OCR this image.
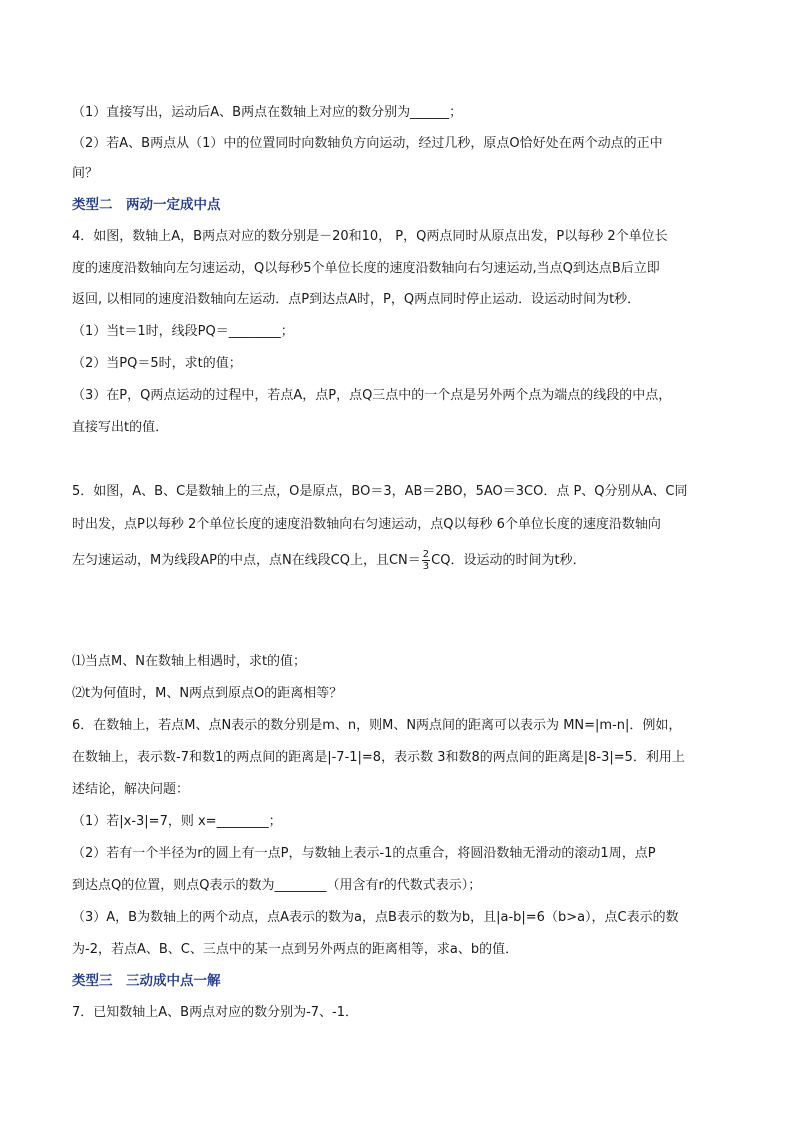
（1）直接写出，运动后A、B两点在数轴上对应的数分别为______；
（2）若A、B两点从（1）中的位置同时向数轴负方向运动，经过几秒，原点O恰好处在两个动点的正中
间？
类型二　两动一定成中点
4．如图，数轴上A，B两点对应的数分别是－20和10， P，Q两点同时从原点出发，P以每秒 2个单位长
度的速度沿数轴向左匀速运动，Q以每秒5个单位长度的速度沿数轴向右匀速运动,当点Q到达点B后立即
返回, 以相同的速度沿数轴向左运动．点P到达点A时，P，Q两点同时停止运动．设运动时间为t秒．
（1）当t＝1时，线段PQ＝________；
（2）当PQ＝5时，求t的值；
（3）在P，Q两点运动的过程中，若点A，点P，点Q三点中的一个点是另外两个点为端点的线段的中点，
直接写出t的值．
5．如图，A、B、C是数轴上的三点，O是原点，BO＝3，AB＝2BO，5AO＝3CO．点 P、Q分别从A、C同
时出发，点P以每秒 2个单位长度的速度沿数轴向右匀速运动，点Q以每秒 6个单位长度的速度沿数轴向
左匀速运动，M为线段AP的中点，点N在线段CQ上，且$CN= \frac{2}{3}$ CQ．设运动的时间为t秒．
⑴当点M、N在数轴上相遇时，求t的值；
⑵t为何值时，M、N两点到原点O的距离相等？
6．在数轴上，若点M、点N表示的数分别是m、n，则M、N两点间的距离可以表示为 MN=|m-n|．例如，
在数轴上，表示数-7和数1的两点间的距离是|-7-1|=8，表示数 3和数8的两点间的距离是|8-3|=5．利用上
述结论，解决问题：
（1）若|x-3|=7，则 x=________；
（2）若有一个半径为r的圆上有一点P，与数轴上表示-1的点重合，将圆沿数轴无滑动的滚动1周，点P
到达点Q的位置，则点Q表示的数为________（用含有r的代数式表示）；
（3）A，B为数轴上的两个动点，点A表示的数为a，点B表示的数为b，且|a-b|=6（b>a），点C表示的数
为-2，若点A、B、C、三点中的某一点到另外两点的距离相等，求a、b的值．
类型三　三动成中点一解
7．已知数轴上A、B两点对应的数分别为-7、-1．
